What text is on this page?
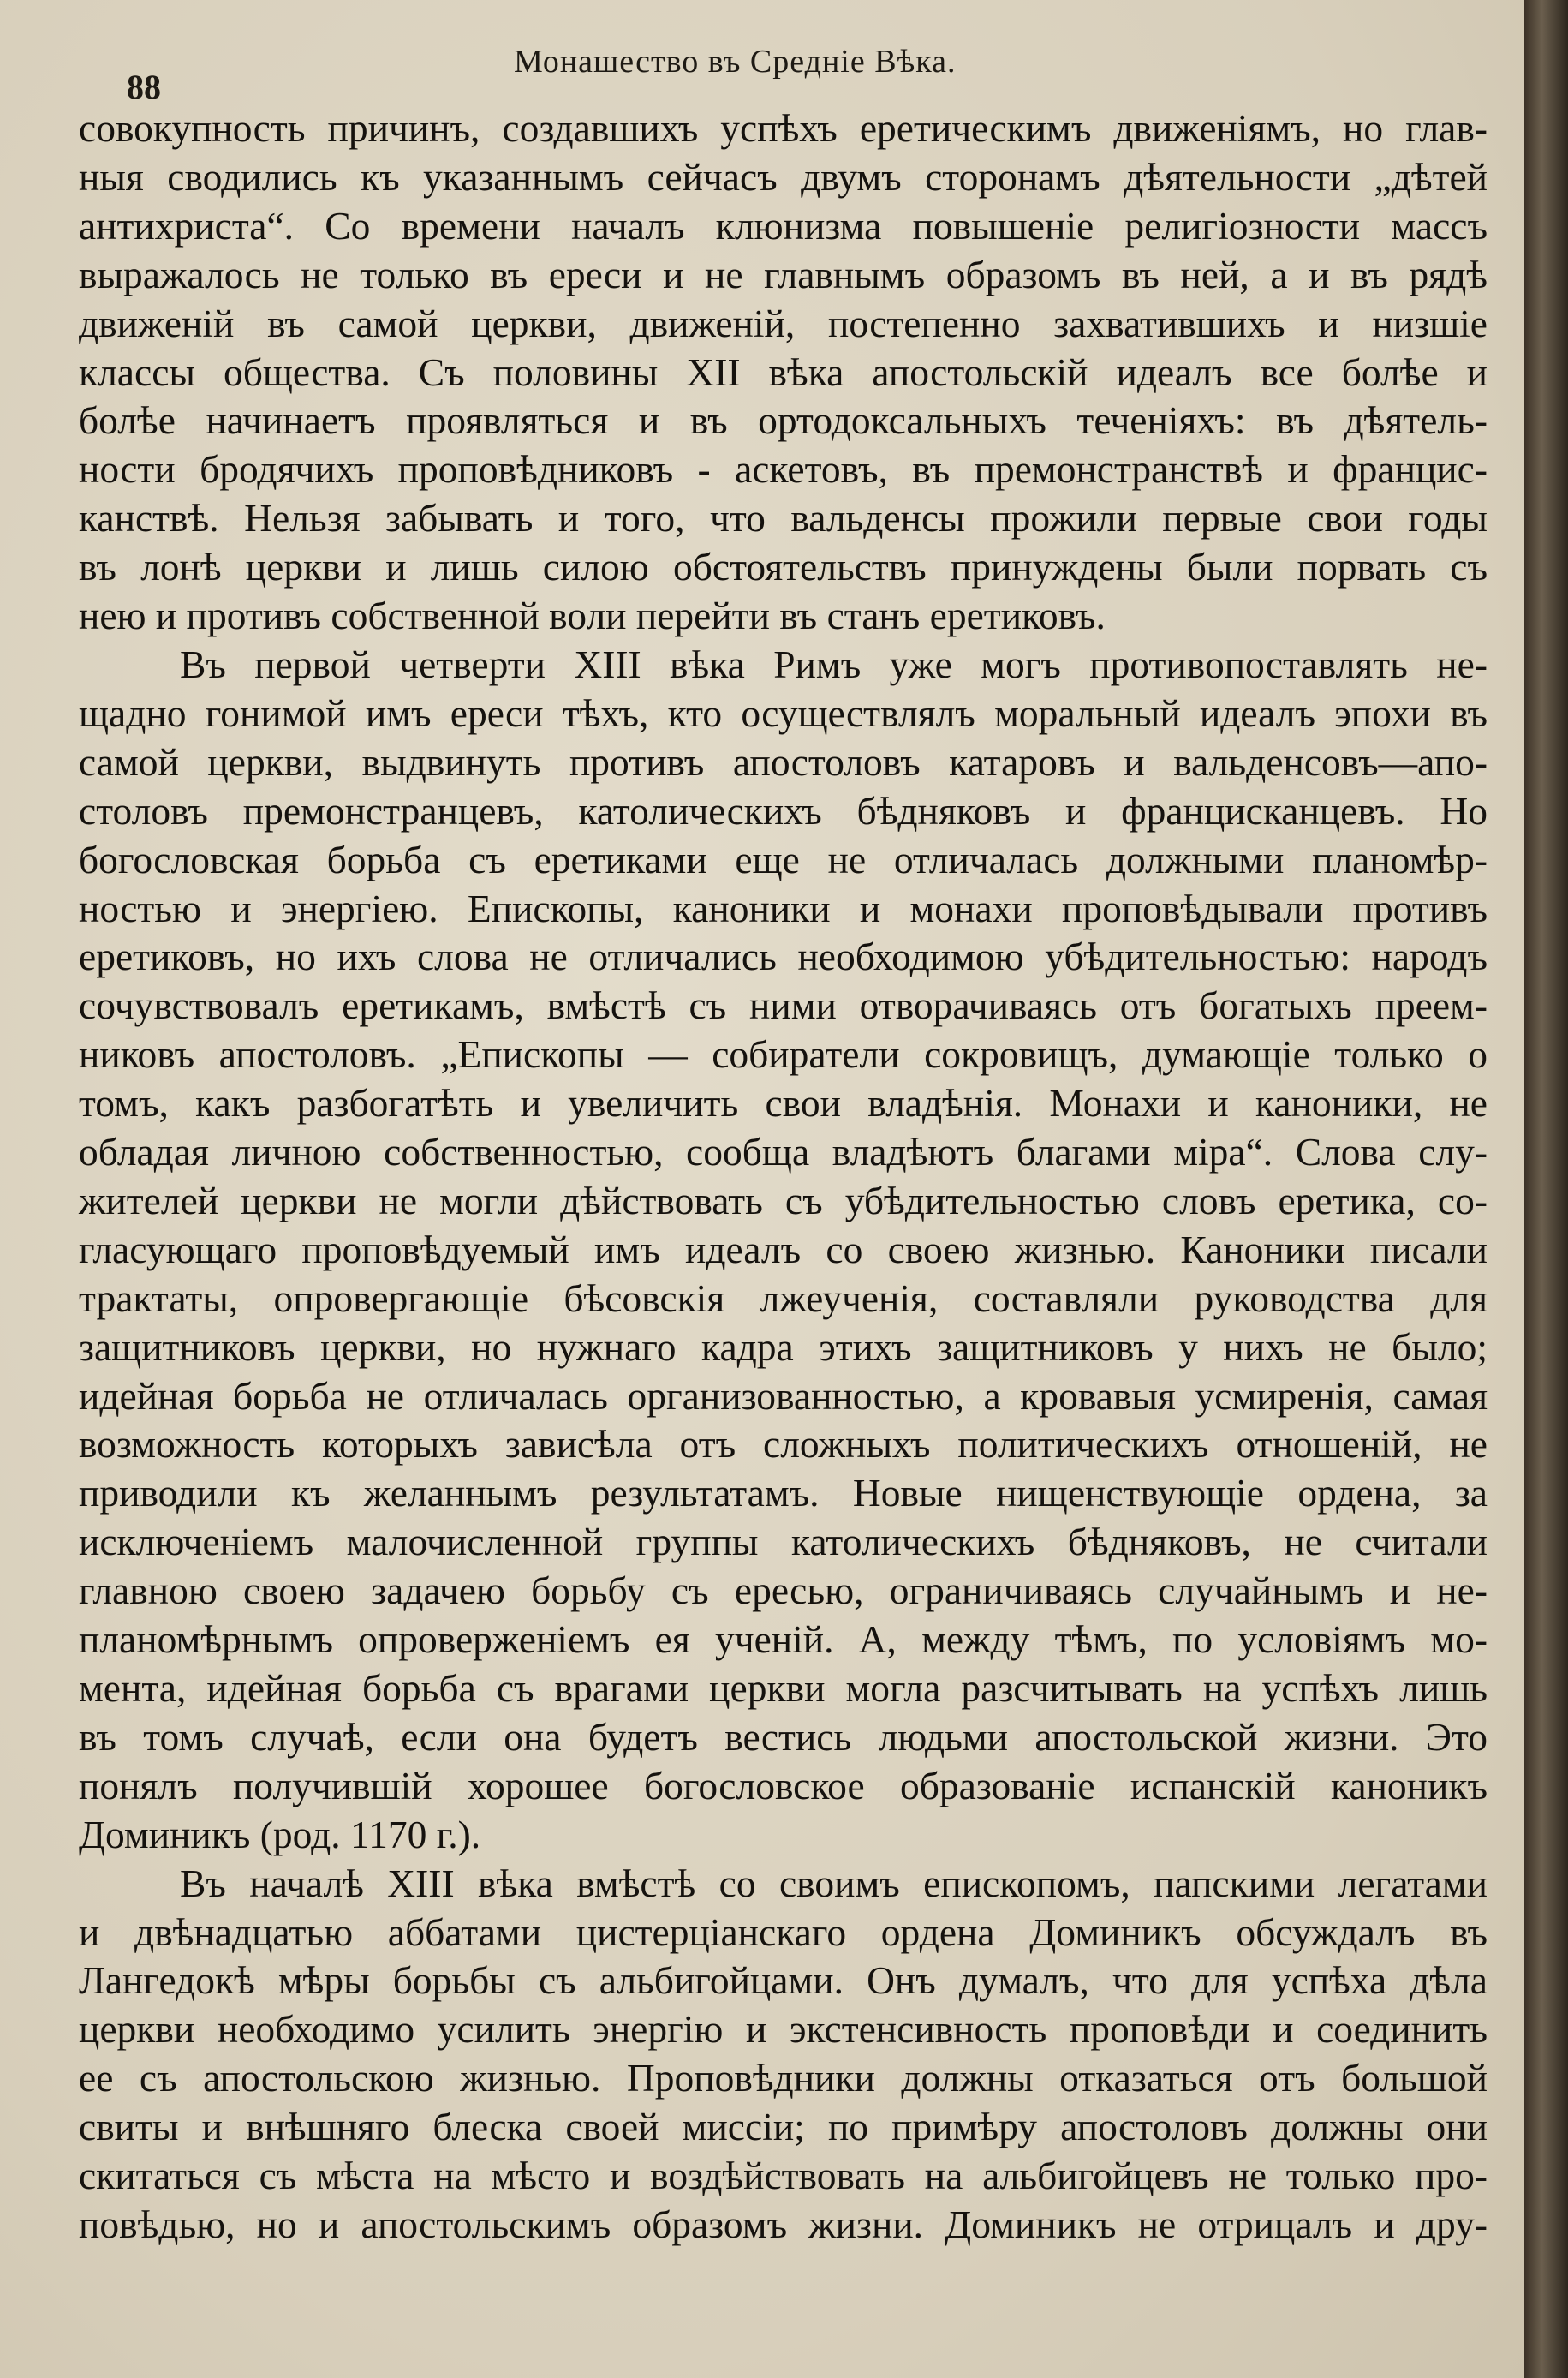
88
Монашество въ Среднiе Вѣка.

совокупность причинъ, создавшихъ успѣхъ еретическимъ движенiямъ, но глав-
ныя сводились къ указаннымъ сейчасъ двумъ сторонамъ дѣятельности „дѣтей
антихриста“. Со времени началъ клюнизма повышенiе религiозности массъ
выражалось не только въ ереси и не главнымъ образомъ въ ней, а и въ рядѣ
движенiй въ самой церкви, движенiй, постепенно захватившихъ и низшiе
классы общества. Съ половины XII вѣка апостольскiй идеалъ все болѣе и
болѣе начинаетъ проявляться и въ ортодоксальныхъ теченiяхъ: въ дѣятель-
ности бродячихъ проповѣдниковъ - аскетовъ, въ премонстранствѣ и францис-
канствѣ. Нельзя забывать и того, что вальденсы прожили первые свои годы
въ лонѣ церкви и лишь силою обстоятельствъ принуждены были порвать съ
нею и противъ собственной воли перейти въ станъ еретиковъ.

Въ первой четверти XIII вѣка Римъ уже могъ противопоставлять не-
щадно гонимой имъ ереси тѣхъ, кто осуществлялъ моральный идеалъ эпохи въ
самой церкви, выдвинуть противъ апостоловъ катаровъ и вальденсовъ—апо-
столовъ премонстранцевъ, католическихъ бѣдняковъ и францисканцевъ. Но
богословская борьба съ еретиками еще не отличалась должными планомѣр-
ностью и энергiею. Епископы, каноники и монахи проповѣдывали противъ
еретиковъ, но ихъ слова не отличались необходимою убѣдительностью: народъ
сочувствовалъ еретикамъ, вмѣстѣ съ ними отворачиваясь отъ богатыхъ преем-
никовъ апостоловъ. „Епископы — собиратели сокровищъ, думающiе только о
томъ, какъ разбогатѣть и увеличить свои владѣнiя. Монахи и каноники, не
обладая личною собственностью, сообща владѣютъ благами мiра“. Слова слу-
жителей церкви не могли дѣйствовать съ убѣдительностью словъ еретика, со-
гласующаго проповѣдуемый имъ идеалъ со своею жизнью. Каноники писали
трактаты, опровергающiе бѣсовскiя лжеученiя, составляли руководства для
защитниковъ церкви, но нужнаго кадра этихъ защитниковъ у нихъ не было;
идейная борьба не отличалась организованностью, а кровавыя усмиренiя, самая
возможность которыхъ зависѣла отъ сложныхъ политическихъ отношенiй, не
приводили къ желаннымъ результатамъ. Новые нищенствующiе ордена, за
исключенiемъ малочисленной группы католическихъ бѣдняковъ, не считали
главною своею задачею борьбу съ ересью, ограничиваясь случайнымъ и не-
планомѣрнымъ опроверженiемъ ея ученiй. А, между тѣмъ, по условiямъ мо-
мента, идейная борьба съ врагами церкви могла разсчитывать на успѣхъ лишь
въ томъ случаѣ, если она будетъ вестись людьми апостольской жизни. Это
понялъ получившiй хорошее богословское образованiе испанскiй каноникъ
Доминикъ (род. 1170 г.).

Въ началѣ XIII вѣка вмѣстѣ со своимъ епископомъ, папскими легатами
и двѣнадцатью аббатами цистерцiанскаго ордена Доминикъ обсуждалъ въ
Лангедокѣ мѣры борьбы съ альбигойцами. Онъ думалъ, что для успѣха дѣла
церкви необходимо усилить энергiю и экстенсивность проповѣди и соединить
ее съ апостольскою жизнью. Проповѣдники должны отказаться отъ большой
свиты и внѣшняго блеска своей миссiи; по примѣру апостоловъ должны они
скитаться съ мѣста на мѣсто и воздѣйствовать на альбигойцевъ не только про-
повѣдью, но и апостольскимъ образомъ жизни. Доминикъ не отрицалъ и дру-
